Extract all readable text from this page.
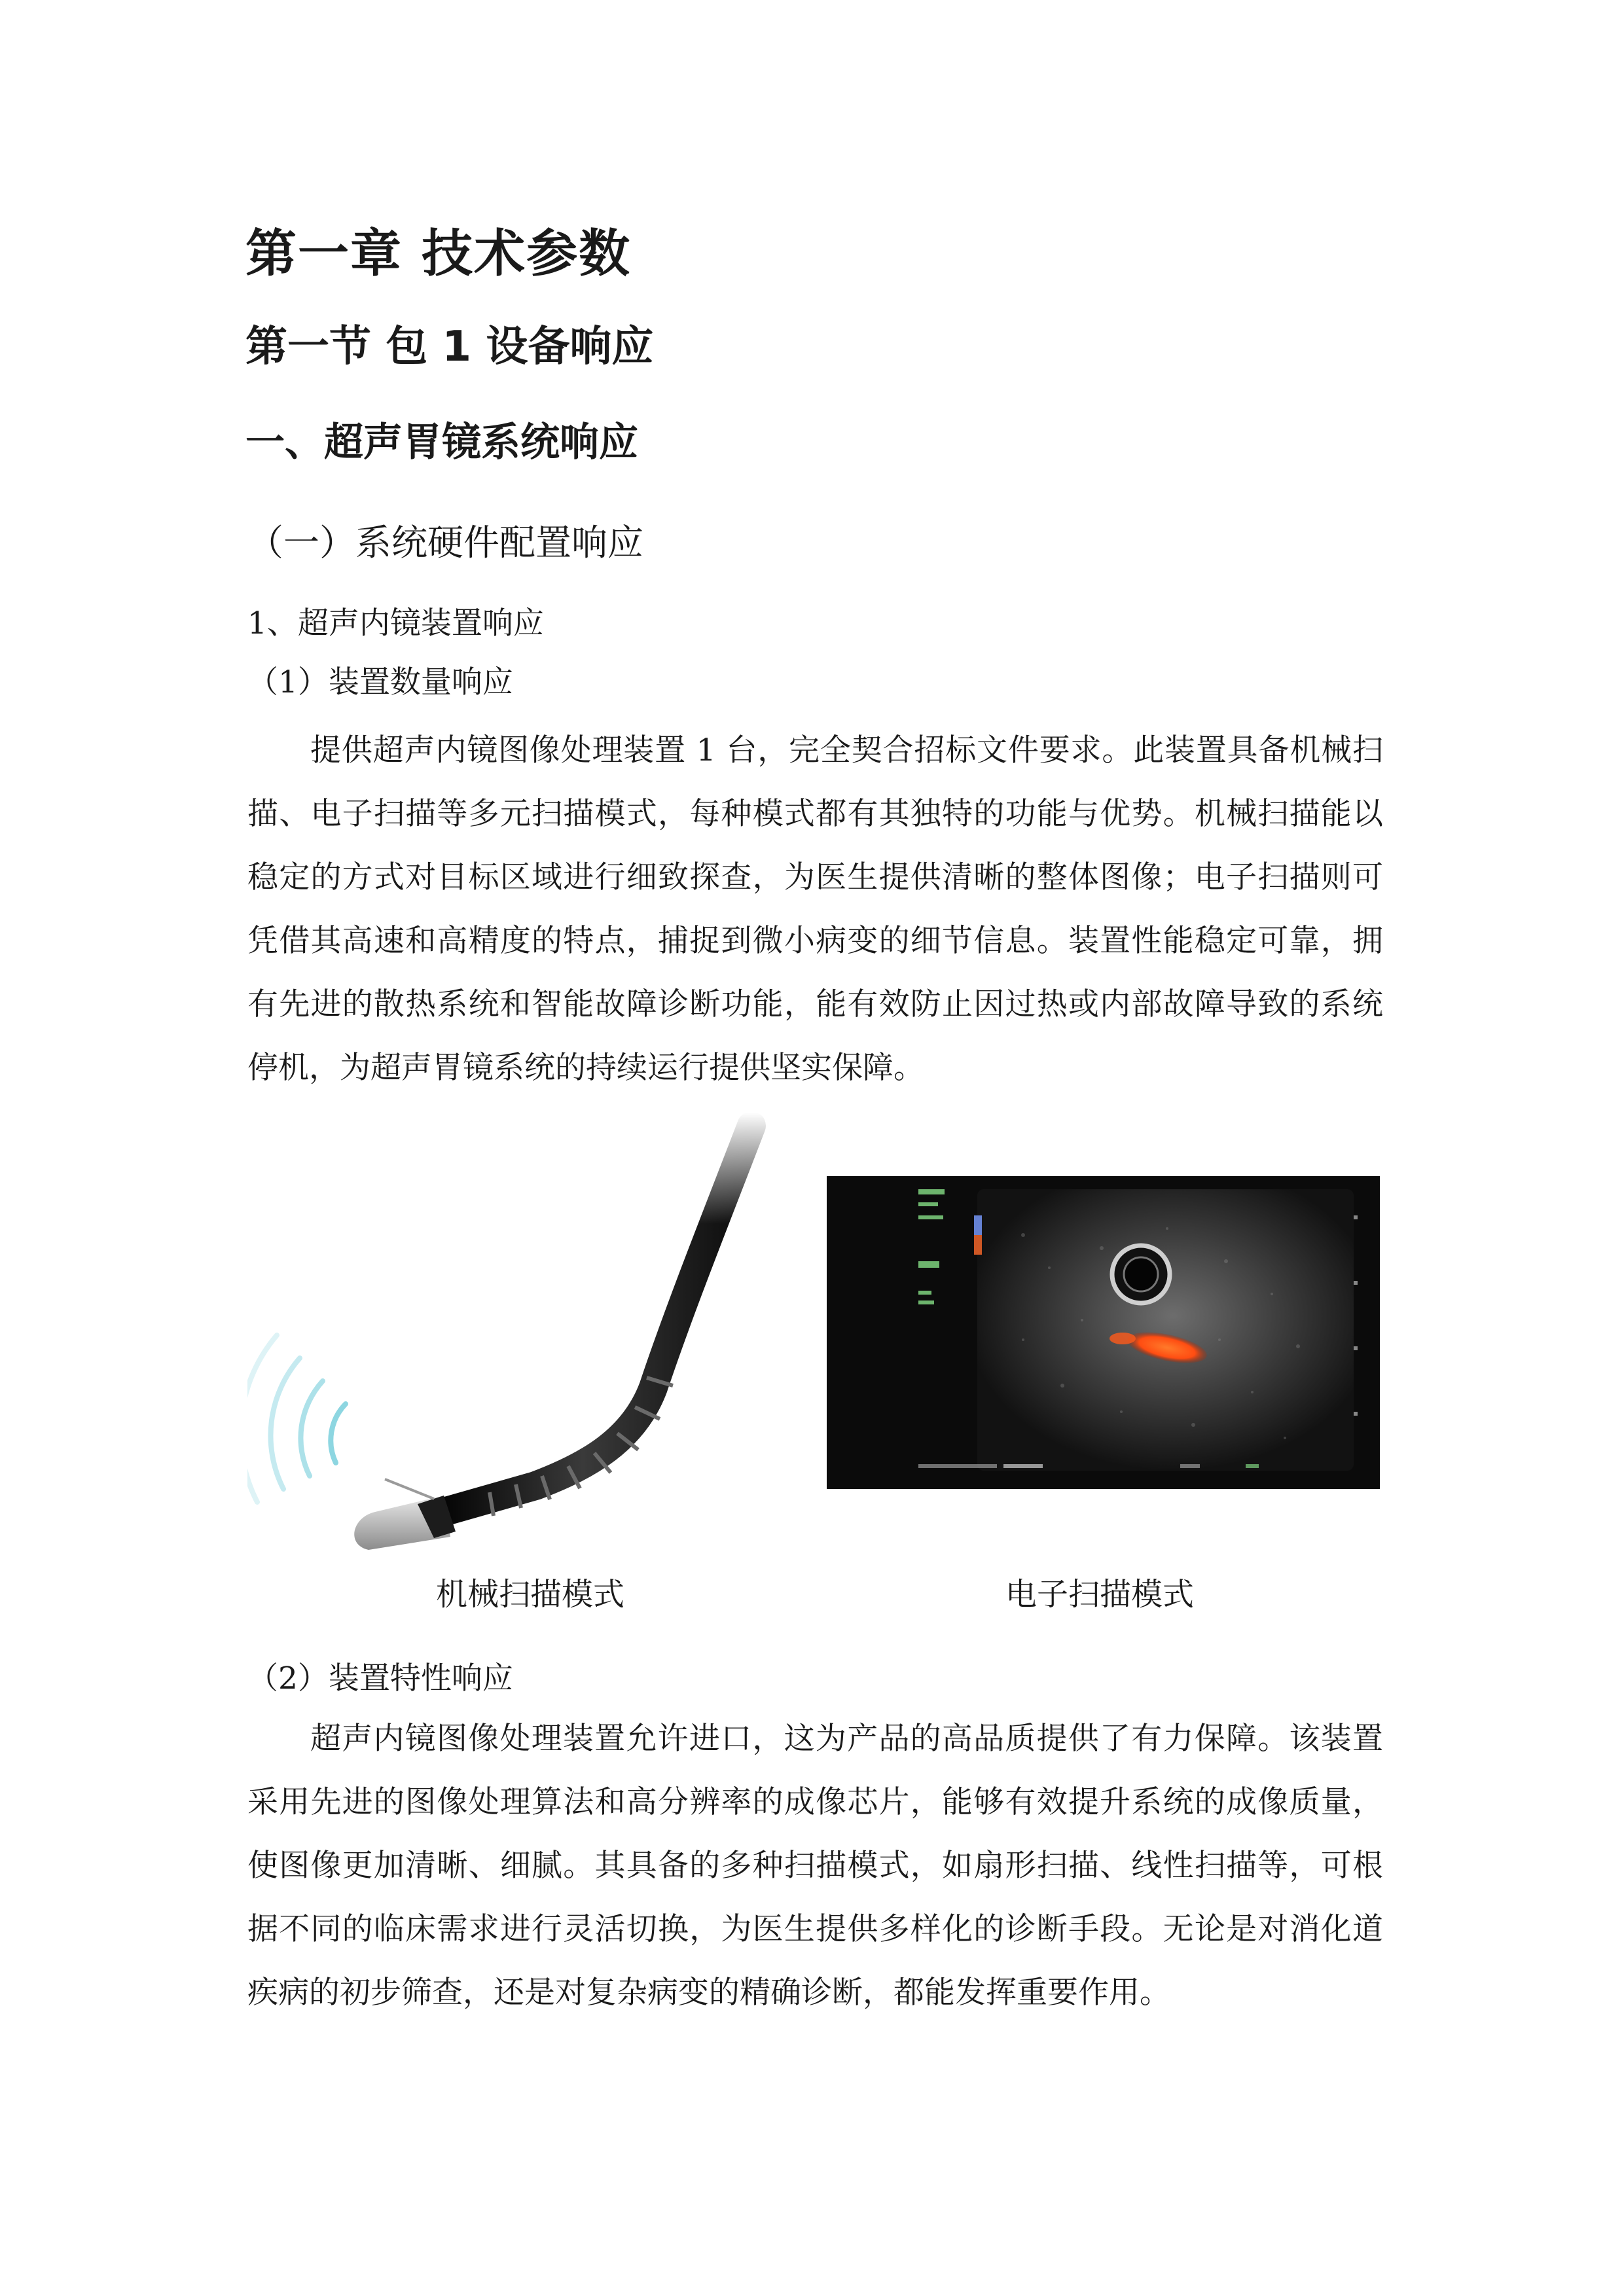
第一章 技术参数
第一节 包 1 设备响应
一、超声胃镜系统响应
（一）系统硬件配置响应
1、超声内镜装置响应
（1）装置数量响应

提供超声内镜图像处理装置 1 台，完全契合招标文件要求。此装置具备机械扫描、电子扫描等多元扫描模式，每种模式都有其独特的功能与优势。机械扫描能以稳定的方式对目标区域进行细致探查，为医生提供清晰的整体图像；电子扫描则可凭借其高速和高精度的特点，捕捉到微小病变的细节信息。装置性能稳定可靠，拥有先进的散热系统和智能故障诊断功能，能有效防止因过热或内部故障导致的系统停机，为超声胃镜系统的持续运行提供坚实保障。

机械扫描模式	电子扫描模式
（2）装置特性响应

超声内镜图像处理装置允许进口，这为产品的高品质提供了有力保障。该装置采用先进的图像处理算法和高分辨率的成像芯片，能够有效提升系统的成像质量，使图像更加清晰、细腻。其具备的多种扫描模式，如扇形扫描、线性扫描等，可根据不同的临床需求进行灵活切换，为医生提供多样化的诊断手段。无论是对消化道疾病的初步筛查，还是对复杂病变的精确诊断，都能发挥重要作用。
